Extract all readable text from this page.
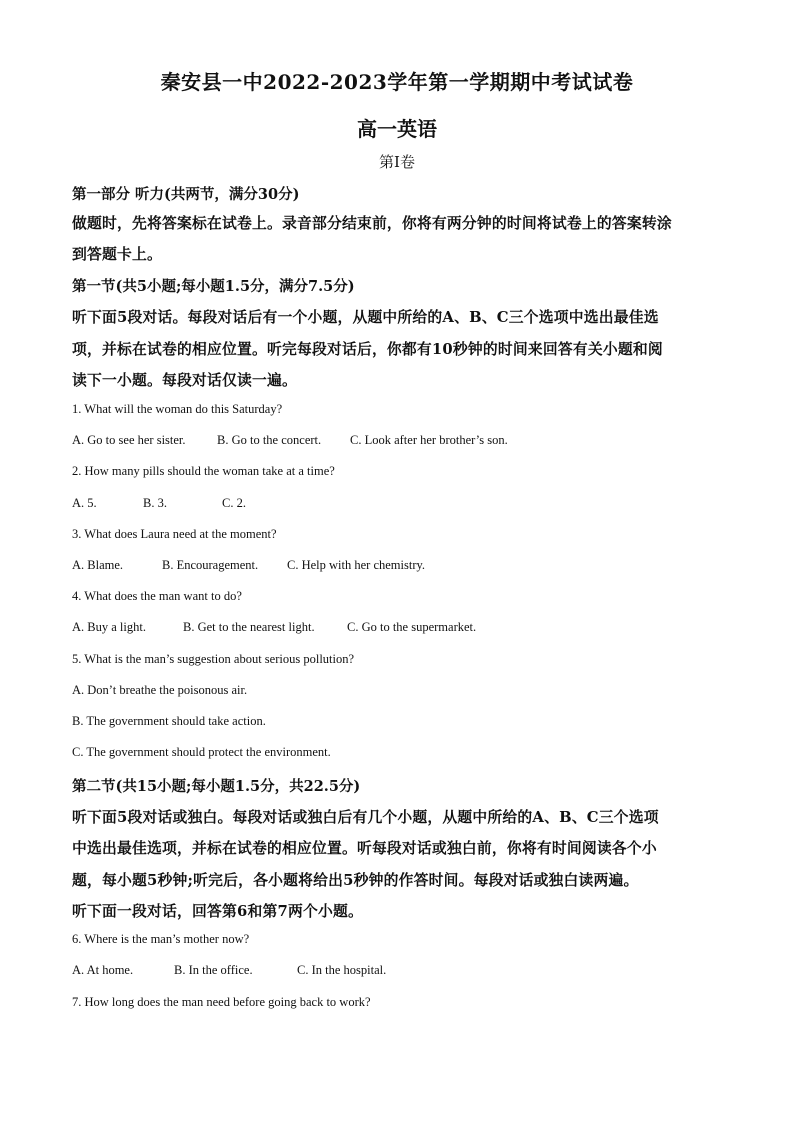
秦安县一中2022-2023学年第一学期期中考试试卷
高一英语
第Ⅰ卷
第一部分 听力(共两节，满分30分)
做题时，先将答案标在试卷上。录音部分结束前，你将有两分钟的时间将试卷上的答案转涂
到答题卡上。
第一节(共5小题;每小题1.5分，满分7.5分)
听下面5段对话。每段对话后有一个小题，从题中所给的A、B、C三个选项中选出最佳选
项，并标在试卷的相应位置。听完每段对话后，你都有10秒钟的时间来回答有关小题和阅
读下一小题。每段对话仅读一遍。
1. What will the woman do this Saturday?
A. Go to see her sister.	B. Go to the concert. C. Look after her brother’s son.
2. How many pills should the woman take at a time?
A. 5.	B. 3.	C. 2.
3. What does Laura need at the moment?
A. Blame.	B. Encouragement. C. Help with her chemistry.
4. What does the man want to do?
A. Buy a light.	B. Get to the nearest light.	C. Go to the supermarket.
5. What is the man’s suggestion about serious pollution?
A. Don’t breathe the poisonous air.
B. The government should take action.
C. The government should protect the environment.
第二节(共15小题;每小题1.5分，共22.5分)
听下面5段对话或独白。每段对话或独白后有几个小题，从题中所给的A、B、C三个选项
中选出最佳选项，并标在试卷的相应位置。听每段对话或独白前，你将有时间阅读各个小
题，每小题5秒钟;听完后，各小题将给出5秒钟的作答时间。每段对话或独白读两遍。
听下面一段对话，回答第6和第7两个小题。
6. Where is the man’s mother now?
A. At home.	B. In the office.	C. In the hospital.
7. How long does the man need before going back to work?
